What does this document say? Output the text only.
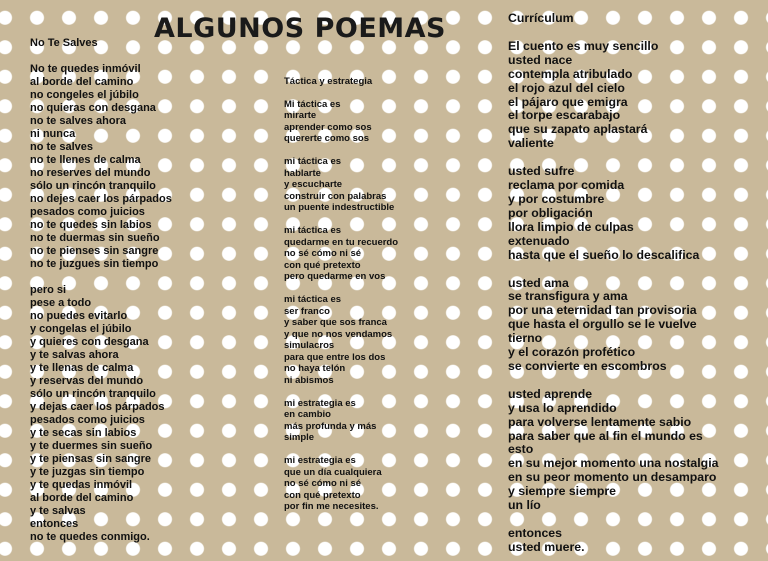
ALGUNOS POEMAS

No Te Salves

No te quedes inmóvil
al borde del camino
no congeles el júbilo
no quieras con desgana
no te salves ahora
ni nunca
no te salves
no te llenes de calma
no reserves del mundo
sólo un rincón tranquilo
no dejes caer los párpados
pesados como juicios
no te quedes sin labios
no te duermas sin sueño
no te pienses sin sangre
no te juzgues sin tiempo

pero si
pese a todo
no puedes evitarlo
y congelas el júbilo
y quieres con desgana
y te salvas ahora
y te llenas de calma
y reservas del mundo
sólo un rincón tranquilo
y dejas caer los párpados
pesados como juicios
y te secas sin labios
y te duermes sin sueño
y te piensas sin sangre
y te juzgas sin tiempo
y te quedas inmóvil
al borde del camino
y te salvas
entonces
no te quedes conmigo.

Táctica y estrategia

Mi táctica es
mirarte
aprender como sos
quererte como sos

mi táctica es
hablarte
y escucharte
construir con palabras
un puente indestructible

mi táctica es
quedarme en tu recuerdo
no sé cómo ni sé
con qué pretexto
pero quedarme en vos

mi táctica es
ser franco
y saber que sos franca
y que no nos vendamos
simulacros
para que entre los dos
no haya telón
ni abismos

mi estrategia es
en cambio
más profunda y más
simple

mi estrategia es
que un día cualquiera
no sé cómo ni sé
con qué pretexto
por fin me necesites.

Currículum

El cuento es muy sencillo
usted nace
contempla atribulado
el rojo azul del cielo
el pájaro que emigra
el torpe escarabajo
que su zapato aplastará
valiente

usted sufre
reclama por comida
y por costumbre
por obligación
llora limpio de culpas
extenuado
hasta que el sueño lo descalifica

usted ama
se transfigura y ama
por una eternidad tan provisoria
que hasta el orgullo se le vuelve
tierno
y el corazón profético
se convierte en escombros

usted aprende
y usa lo aprendido
para volverse lentamente sabio
para saber que al fin el mundo es
esto
en su mejor momento una nostalgia
en su peor momento un desamparo
y siempre siempre
un lío

entonces
usted muere.
